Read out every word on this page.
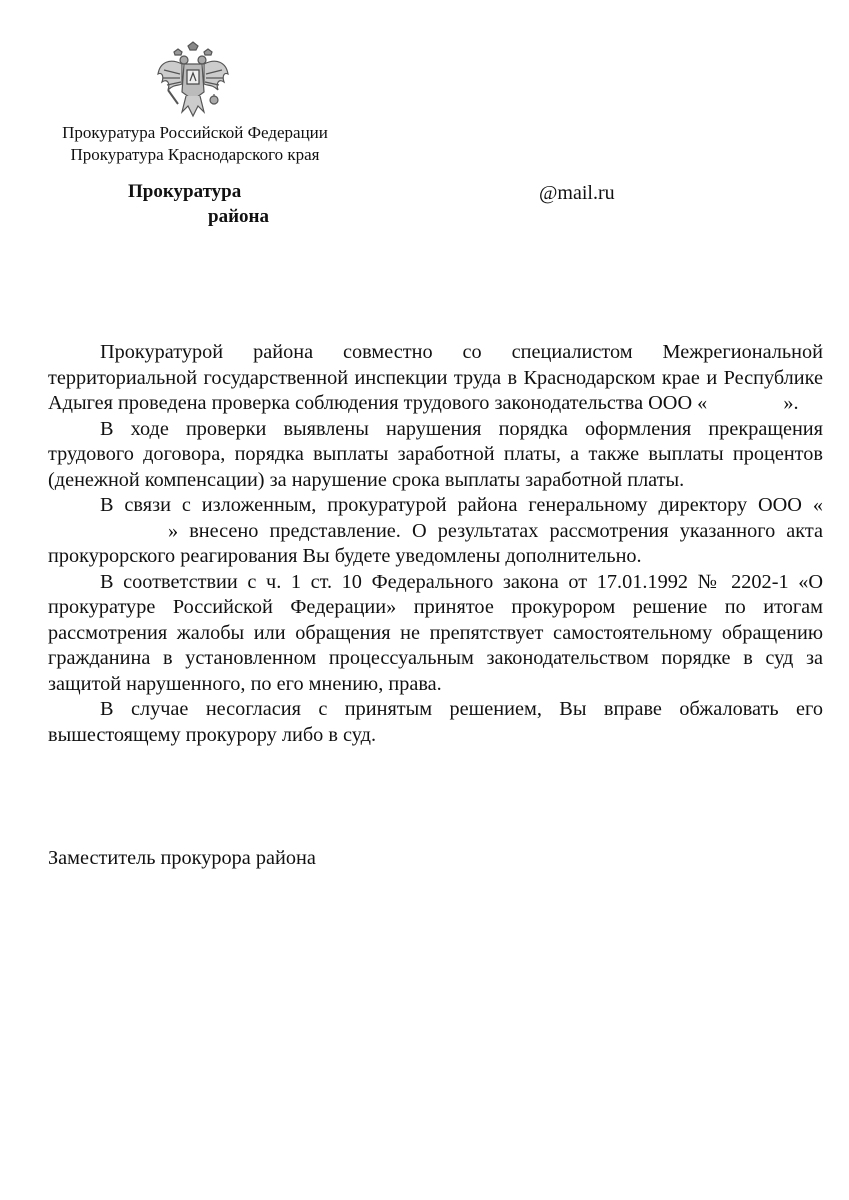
Прокуратура Российской Федерации
Прокуратура Краснодарского края
Прокуратура
района
@mail.ru

Прокуратурой района совместно со специалистом Межрегиональной территориальной государственной инспекции труда в Краснодарском крае и Республике Адыгея проведена проверка соблюдения трудового законодательства ООО «	».

В ходе проверки выявлены нарушения порядка оформления прекращения трудового договора, порядка выплаты заработной платы, а также выплаты процентов (денежной компенсации) за нарушение срока выплаты заработной платы.

В связи с изложенным, прокуратурой района генеральному директору ООО «» внесено представление. О результатах рассмотрения указанного акта прокурорского реагирования Вы будете уведомлены дополнительно.

В соответствии с ч. 1 ст. 10 Федерального закона от 17.01.1992 № 2202-1 «О прокуратуре Российской Федерации» принятое прокурором решение по итогам рассмотрения жалобы или обращения не препятствует самостоятельному обращению гражданина в установленном процессуальным законодательством порядке в суд за защитой нарушенного, по его мнению, права.

В случае несогласия с принятым решением, Вы вправе обжаловать его вышестоящему прокурору либо в суд.

Заместитель прокурора района
